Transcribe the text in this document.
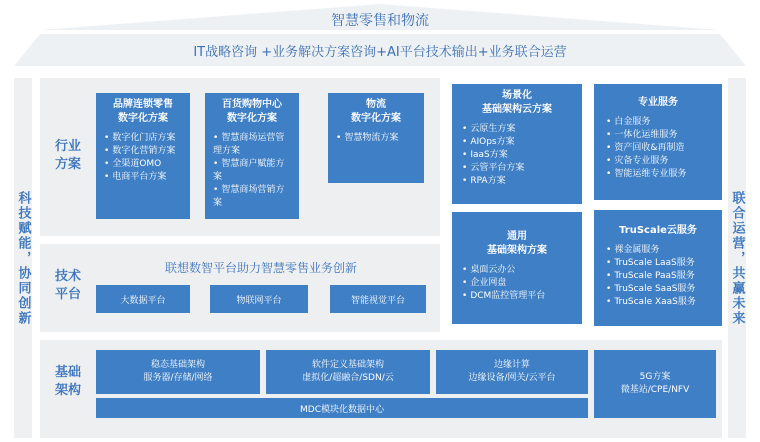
智慧零售和物流
IT战略咨询 +业务解决方案咨询+AI平台技术输出+业务联合运营
科技赋能，协同创新	联合运营，共赢未来
行业方案
品牌连锁零售
数字化方案
• 数字化门店方案
• 数字化营销方案
• 全渠道OMO
• 电商平台方案
百货购物中心
数字化方案
• 智慧商场运营管理方案
• 智慧商户赋能方案
• 智慧商场营销方案
物流
数字化方案
• 智慧物流方案
场景化
基础架构云方案
• 云原生方案
• AIOps方案
• IaaS方案
• 云管平台方案
• RPA方案
通用
基础架构方案
• 桌面云办公
• 企业网盘
• DCM监控管理平台
专业服务
• 白金服务
• 一体化运维服务
• 资产回收&再制造
• 灾备专业服务
• 智能运维专业服务
TruScale云服务
• 裸金属服务
• TruScale LaaS服务
• TruScale PaaS服务
• TruScale SaaS服务
• TruScale XaaS服务
技术平台
联想数智平台助力智慧零售业务创新
大数据平台	物联网平台	智能视觉平台
基础架构
稳态基础架构
服务器/存储/网络
软件定义基础架构
虚拟化/超融合/SDN/云
边缘计算
边缘设备/网关/云平台
MDC模块化数据中心
5G方案
微基站/CPE/NFV
